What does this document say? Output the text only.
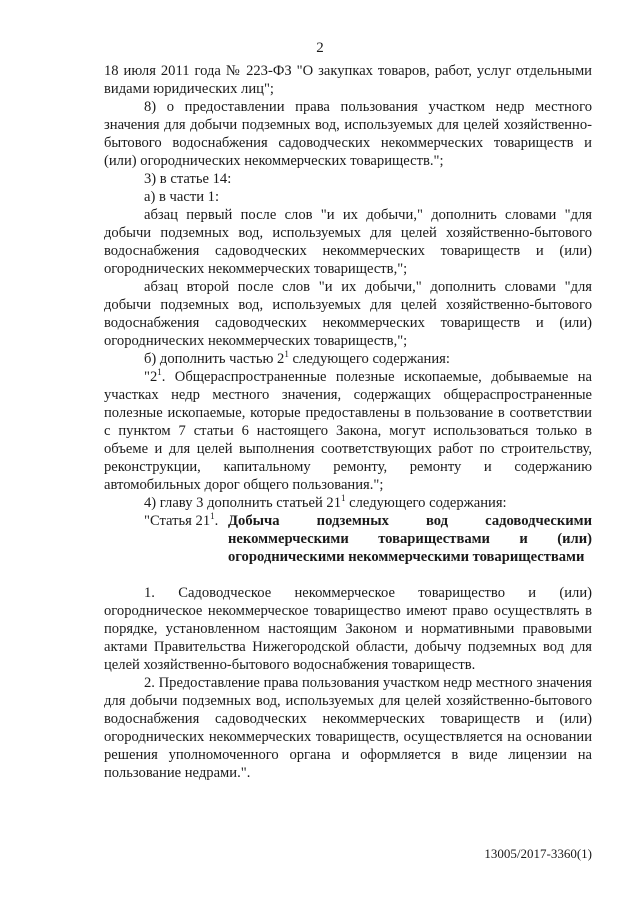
2

18 июля 2011 года № 223-ФЗ "О закупках товаров, работ, услуг отдельными видами юридических лиц";

8) о предоставлении права пользования участком недр местного значения для добычи подземных вод, используемых для целей хозяйственно-бытового водоснабжения садоводческих некоммерческих товариществ и (или) огороднических некоммерческих товариществ.";

3) в статье 14:

а) в части 1:

абзац первый после слов "и их добычи," дополнить словами "для добычи подземных вод, используемых для целей хозяйственно-бытового водоснабжения садоводческих некоммерческих товариществ и (или) огороднических некоммерческих товариществ,";

абзац второй после слов "и их добычи," дополнить словами "для добычи подземных вод, используемых для целей хозяйственно-бытового водоснабжения садоводческих некоммерческих товариществ и (или) огороднических некоммерческих товариществ,";

б) дополнить частью $2^1$ следующего содержания:

"$2^1$. Общераспространенные полезные ископаемые, добываемые на участках недр местного значения, содержащих общераспространенные полезные ископаемые, которые предоставлены в пользование в соответствии с пунктом 7 статьи 6 настоящего Закона, могут использоваться только в объеме и для целей выполнения соответствующих работ по строительству, реконструкции, капитальному ремонту, ремонту и содержанию автомобильных дорог общего пользования.";

4) главу 3 дополнить статьей $21^1$ следующего содержания:

"Статья $21^1$. Добыча подземных вод садоводческими некоммерческими товариществами и (или) огородническими некоммерческими товариществами

1. Садоводческое некоммерческое товарищество и (или) огородническое некоммерческое товарищество имеют право осуществлять в порядке, установленном настоящим Законом и нормативными правовыми актами Правительства Нижегородской области, добычу подземных вод для целей хозяйственно-бытового водоснабжения товариществ.

2. Предоставление права пользования участком недр местного значения для добычи подземных вод, используемых для целей хозяйственно-бытового водоснабжения садоводческих некоммерческих товариществ и (или) огороднических некоммерческих товариществ, осуществляется на основании решения уполномоченного органа и оформляется в виде лицензии на пользование недрами.".

13005/2017-3360(1)
